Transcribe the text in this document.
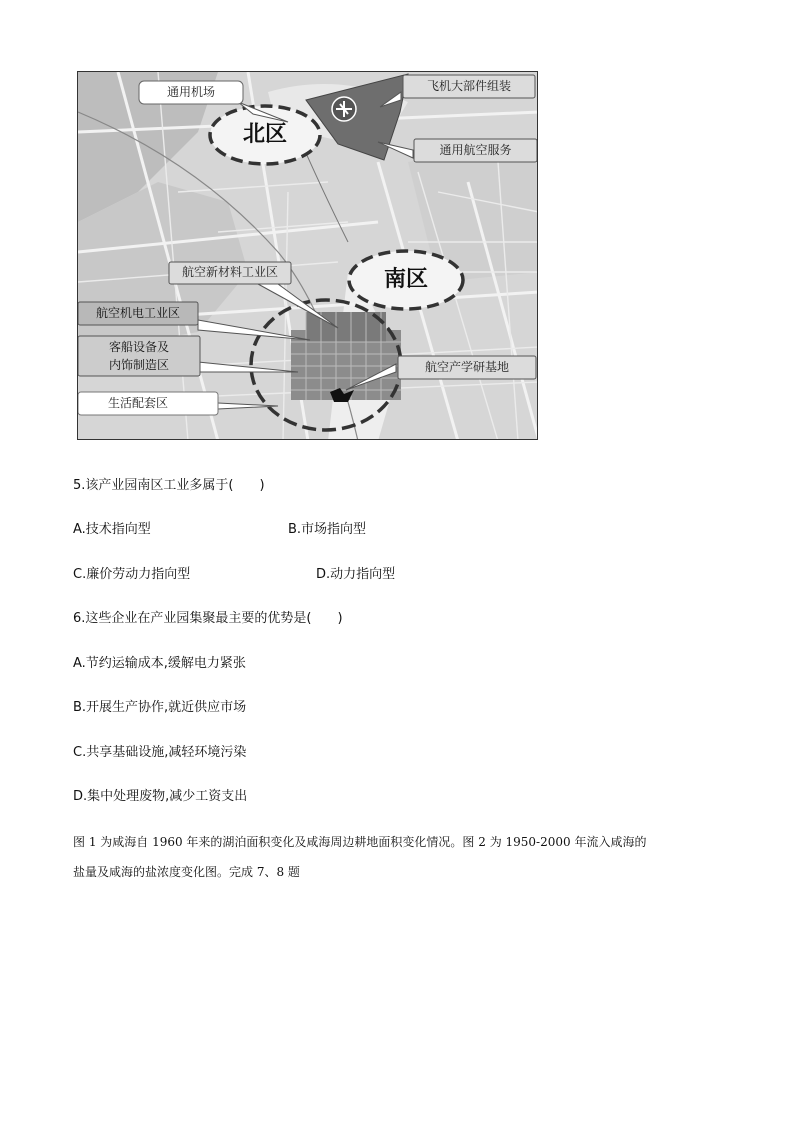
通用机场	飞机大部件组装
北区
通用航空服务
航空新材料工业区	南区
航空机电工业区
客船设备及
内饰制造区	航空产学研基地
生活配套区
5.该产业园南区工业多属于(　　)
A.技术指向型	B.市场指向型
C.廉价劳动力指向型	D.动力指向型
6.这些企业在产业园集聚最主要的优势是(　　)
A.节约运输成本,缓解电力紧张
B.开展生产协作,就近供应市场
C.共享基础设施,减轻环境污染
D.集中处理废物,减少工资支出
图 1 为咸海自 1960 年来的湖泊面积变化及咸海周边耕地面积变化情况。图 2 为 1950-2000 年流入咸海的
盐量及咸海的盐浓度变化图。完成 7、8 题
